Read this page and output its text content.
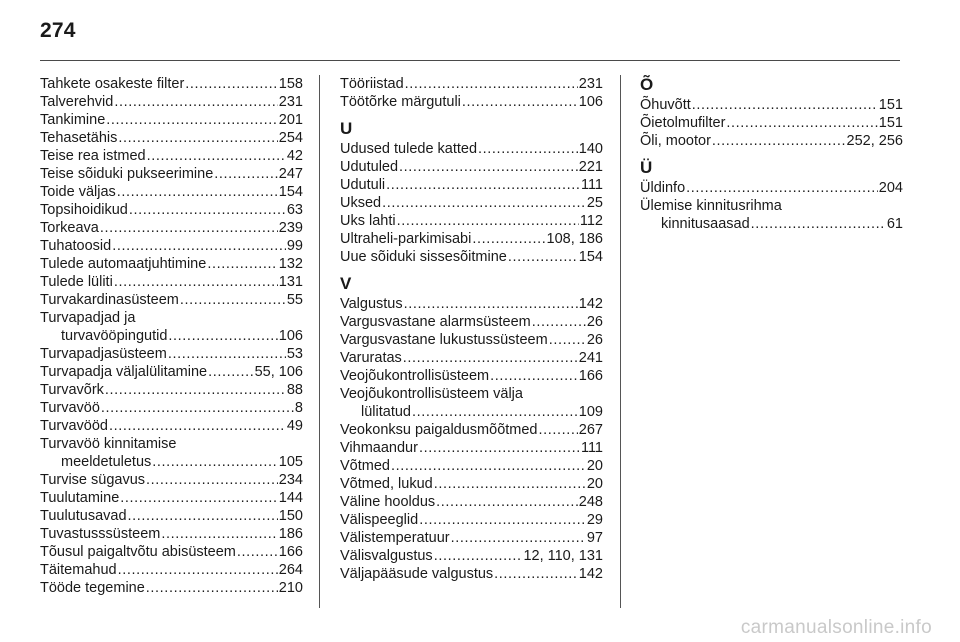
274
Tahkete osakeste filter .....	158
Talverehvid .....	231
Tankimine .....	201
Tehasetähis .....	254
Teise rea istmed .....	42
Teise sõiduki pukseerimine .....	247
Toide väljas .....	154
Topsihoidikud .....	63
Torkeava .....	239
Tuhatoosid .....	99
Tulede automaatjuhtimine .....	132
Tulede lüliti .....	131
Turvakardinasüsteem .....	55
Turvapadjad ja
turvavööpingutid .....	106
Turvapadjasüsteem .....	53
Turvapadja väljalülitamine .....	55, 106
Turvavõrk .....	88
Turvavöö .....	8
Turvavööd .....	49
Turvavöö kinnitamise
meeldetuletus .....	105
Turvise sügavus .....	234
Tuulutamine .....	144
Tuulutusavad .....	150
Tuvastusssüsteem .....	186
Tõusul paigaltvõtu abisüsteem .....	166
Täitemahud .....	264
Tööde tegemine .....	210
Tööriistad .....	231
Töötõrke märgutuli .....	106
U
Udused tulede katted .....	140
Udutuled .....	221
Udutuli .....	111
Uksed .....	25
Uks lahti .....	112
Ultraheli-parkimisabi .....	108, 186
Uue sõiduki sissesõitmine .....	154
V
Valgustus .....	142
Vargusvastane alarmsüsteem .....	26
Vargusvastane lukustussüsteem .....	26
Varuratas .....	241
Veojõukontrollisüsteem .....	166
Veojõukontrollisüsteem välja
lülitatud .....	109
Veokonksu paigaldusmõõtmed .....	267
Vihmaandur .....	111
Võtmed .....	20
Võtmed, lukud .....	20
Väline hooldus .....	248
Välispeeglid .....	29
Välistemperatuur .....	97
Välisvalgustus .....	12, 110, 131
Väljapääsude valgustus .....	142
Õ
Õhuvõtt .....	151
Õietolmufilter .....	151
Õli, mootor .....	252, 256
Ü
Üldinfo .....	204
Ülemise kinnitusrihma
kinnitusaasad .....	61
carmanualsonline.info
